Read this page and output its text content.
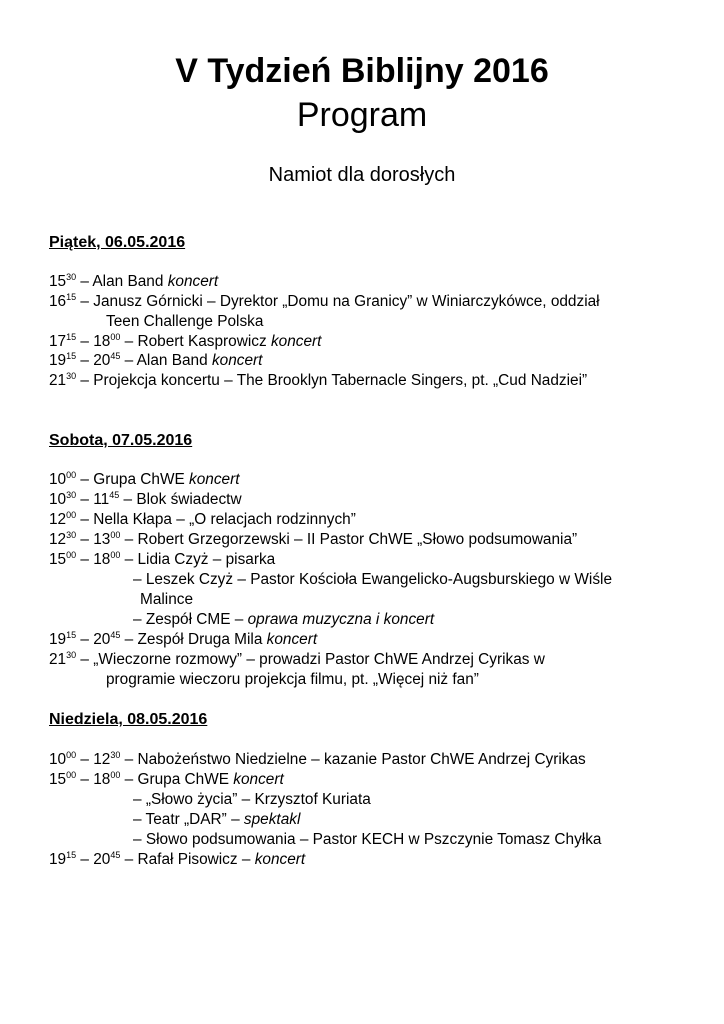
V Tydzień Biblijny 2016
Program
Namiot dla dorosłych
Piątek, 06.05.2016
$15^{30}$ – Alan Band koncert
$16^{15}$ – Janusz Górnicki – Dyrektor „Domu na Granicy” w Winiarczykówce, oddział
Teen Challenge Polska
$17^{15} - 18^{00}$ – Robert Kasprowicz koncert
$19^{15} - 20^{45}$ – Alan Band koncert
$21^{30}$ – Projekcja koncertu – The Brooklyn Tabernacle Singers, pt. „Cud Nadziei”
Sobota, 07.05.2016
$10^{00}$ – Grupa ChWE koncert
$10^{30} - 11^{45}$ – Blok świadectw
$12^{00}$ – Nella Kłapa – „O relacjach rodzinnych”
$12^{30} - 13^{00}$ – Robert Grzegorzewski – II Pastor ChWE „Słowo podsumowania”
$15^{00} - 18^{00}$ – Lidia Czyż – pisarka
– Leszek Czyż – Pastor Kościoła Ewangelicko-Augsburskiego w Wiśle
Malince
– Zespół CME – oprawa muzyczna i koncert
$19^{15} - 20^{45}$ – Zespół Druga Mila koncert
$21^{30}$ – „Wieczorne rozmowy” – prowadzi Pastor ChWE Andrzej Cyrikas w
programie wieczoru projekcja filmu, pt. „Więcej niż fan”
Niedziela, 08.05.2016
$10^{00} - 12^{30}$ – Nabożeństwo Niedzielne – kazanie Pastor ChWE Andrzej Cyrikas
$15^{00} - 18^{00}$ – Grupa ChWE koncert
– „Słowo życia” – Krzysztof Kuriata
– Teatr „DAR” – spektakl
– Słowo podsumowania – Pastor KECH w Pszczynie Tomasz Chyłka
$19^{15} - 20^{45}$ – Rafał Pisowicz – koncert
